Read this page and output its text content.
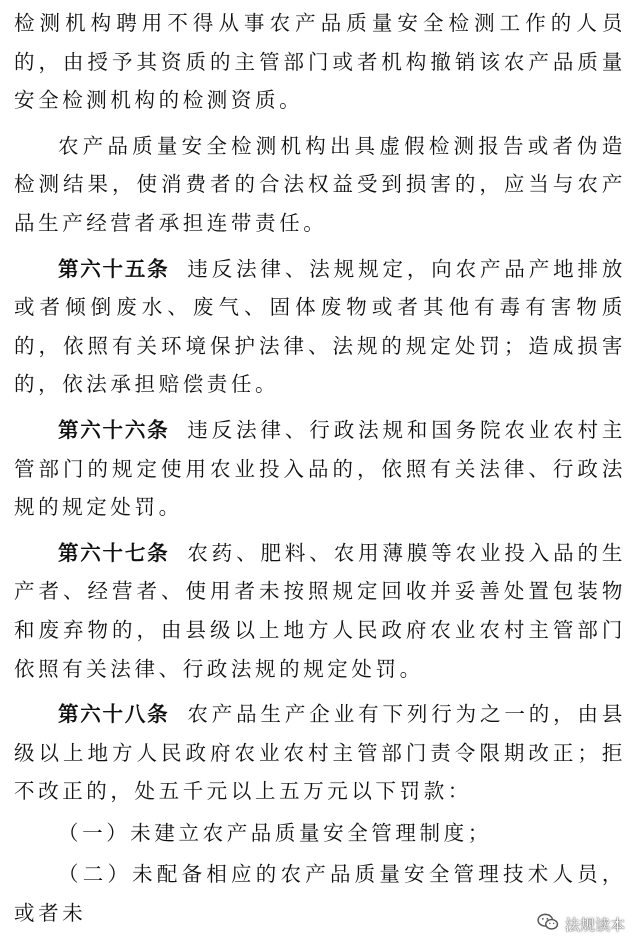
检测机构聘用不得从事农产品质量安全检测工作的人员的，由授予其资质的主管部门或者机构撤销该农产品质量安全检测机构的检测资质。

农产品质量安全检测机构出具虚假检测报告或者伪造检测结果，使消费者的合法权益受到损害的，应当与农产品生产经营者承担连带责任。

第六十五条 违反法律、法规规定，向农产品产地排放或者倾倒废水、废气、固体废物或者其他有毒有害物质的，依照有关环境保护法律、法规的规定处罚；造成损害的，依法承担赔偿责任。

第六十六条 违反法律、行政法规和国务院农业农村主管部门的规定使用农业投入品的，依照有关法律、行政法规的规定处罚。

第六十七条 农药、肥料、农用薄膜等农业投入品的生产者、经营者、使用者未按照规定回收并妥善处置包装物和废弃物的，由县级以上地方人民政府农业农村主管部门依照有关法律、行政法规的规定处罚。

第六十八条 农产品生产企业有下列行为之一的，由县级以上地方人民政府农业农村主管部门责令限期改正；拒不改正的，处五千元以上五万元以下罚款：

（一）未建立农产品质量安全管理制度；

（二）未配备相应的农产品质量安全管理技术人员，或者未	法规读本
